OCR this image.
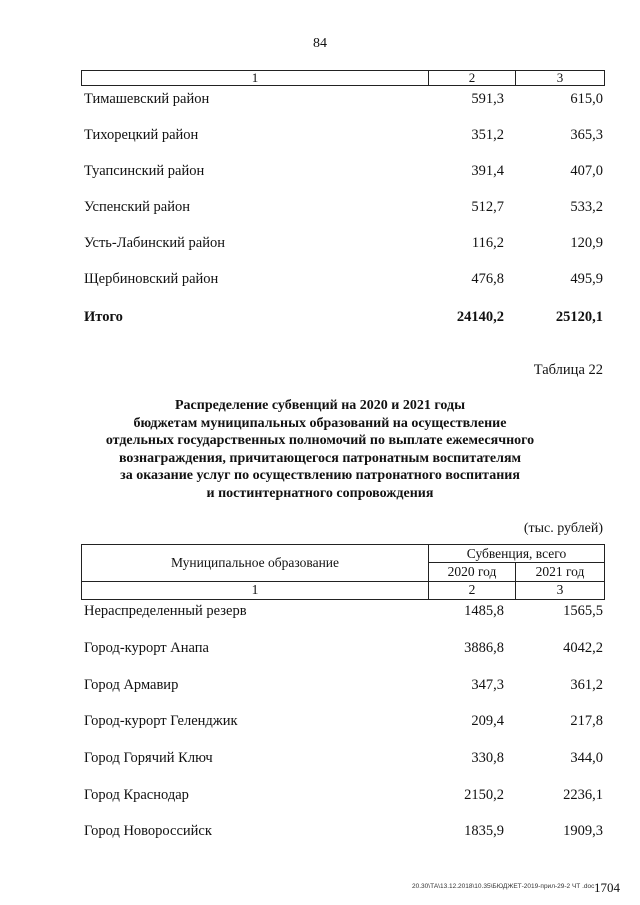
84
1	2	3
Тимашевский район	591,3	615,0
Тихорецкий район	351,2	365,3
Туапсинский район	391,4	407,0
Успенский район	512,7	533,2
Усть-Лабинский район	116,2	120,9
Щербиновский район	476,8	495,9
Итого	24140,2	25120,1
Таблица 22
Распределение субвенций на 2020 и 2021 годы
бюджетам муниципальных образований на осуществление
отдельных государственных полномочий по выплате ежемесячного
вознаграждения, причитающегося патронатным воспитателям
за оказание услуг по осуществлению патронатного воспитания
и постинтернатного сопровождения
(тыс. рублей)
Муниципальное образование
Субвенция, всего
2020 год	2021 год
1	2	3
Нераспределенный резерв	1485,8	1565,5
Город-курорт Анапа	3886,8	4042,2
Город Армавир	347,3	361,2
Город-курорт Геленджик	209,4	217,8
Город Горячий Ключ	330,8	344,0
Город Краснодар	2150,2	2236,1
Город Новороссийск	1835,9	1909,3
20.30\ТА\13.12.2018\10.35\БЮДЖЕТ-2019-прил-29-2 ЧТ .doc 1704
